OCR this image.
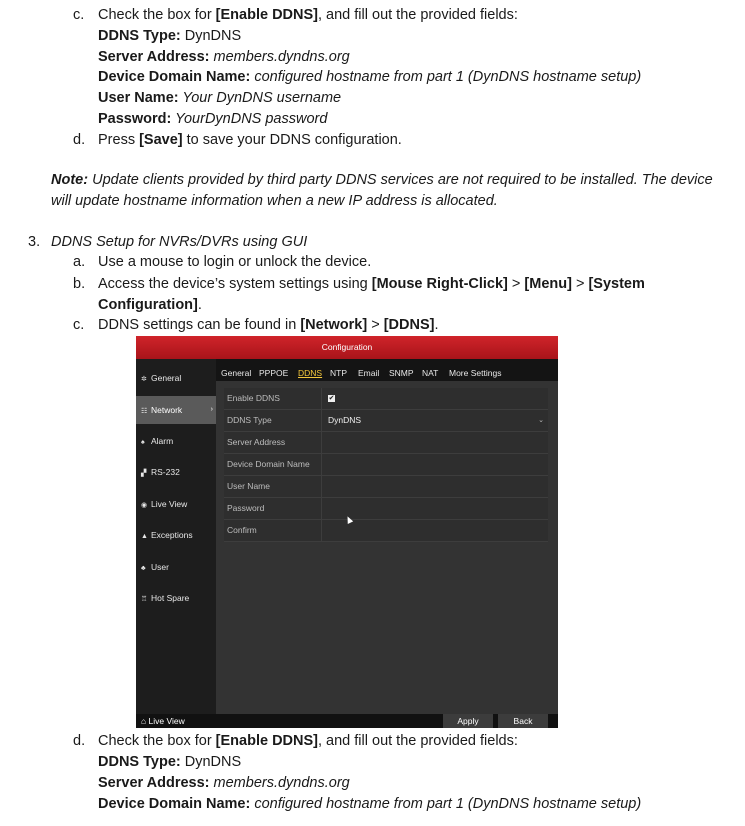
c. Check the box for [Enable DDNS], and fill out the provided fields:
DDNS Type: DynDNS
Server Address: members.dyndns.org
Device Domain Name: configured hostname from part 1 (DynDNS hostname setup)
User Name: Your DynDNS username
Password: YourDynDNS password
d. Press [Save] to save your DDNS configuration.
Note: Update clients provided by third party DDNS services are not required to be installed. The device
will update hostname information when a new IP address is allocated.
3. DDNS Setup for NVRs/DVRs using GUI
a. Use a mouse to login or unlock the device.
b. Access the device’s system settings using [Mouse Right-Click] > [Menu] > [System
Configuration].
c. DDNS settings can be found in [Network] > [DDNS].
Configuration
✲ General
☷ Network	›
♠ Alarm
▞ RS-232
◉ Live View
▲ Exceptions
♣ User
♖ Hot Spare
General PPPOE DDNS NTP Email SNMP NAT More Settings
Enable DDNS	✔
DDNS Type	DynDNS	⌄
Server Address
Device Domain Name
User Name
Password
Confirm
⌂ Live View	Apply	Back
d. Check the box for [Enable DDNS], and fill out the provided fields:
DDNS Type: DynDNS
Server Address: members.dyndns.org
Device Domain Name: configured hostname from part 1 (DynDNS hostname setup)
